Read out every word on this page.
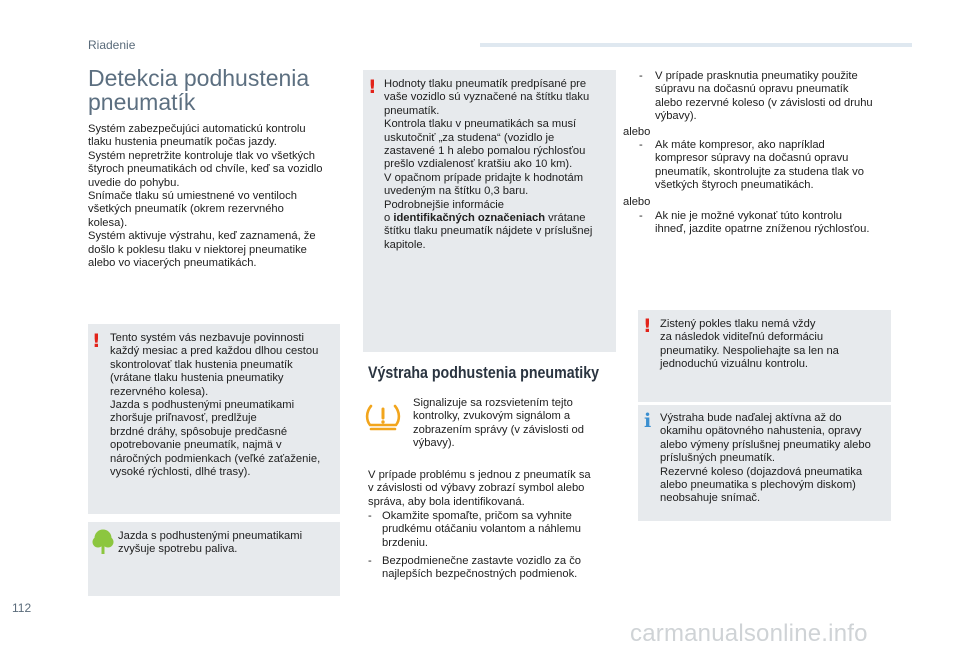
Riadenie
Detekcia podhustenia
pneumatík
Systém zabezpečujúci automatickú kontrolu
tlaku hustenia pneumatík počas jazdy.
Systém nepretržite kontroluje tlak vo všetkých
štyroch pneumatikách od chvíle, keď sa vozidlo
uvedie do pohybu.
Snímače tlaku sú umiestnené vo ventiloch
všetkých pneumatík (okrem rezervného
kolesa).
Systém aktivuje výstrahu, keď zaznamená, že
došlo k poklesu tlaku v niektorej pneumatike
alebo vo viacerých pneumatikách.
! Tento systém vás nezbavuje povinnosti
každý mesiac a pred každou dlhou cestou
skontrolovať tlak hustenia pneumatík
(vrátane tlaku hustenia pneumatiky
rezervného kolesa).
Jazda s podhustenými pneumatikami
zhoršuje priľnavosť, predlžuje
brzdné dráhy, spôsobuje predčasné
opotrebovanie pneumatík, najmä v
náročných podmienkach (veľké zaťaženie,
vysoké rýchlosti, dlhé trasy).
Jazda s podhustenými pneumatikami
zvyšuje spotrebu paliva.
! Hodnoty tlaku pneumatík predpísané pre
vaše vozidlo sú vyznačené na štítku tlaku
pneumatík.
Kontrola tlaku v pneumatikách sa musí
uskutočniť „za studena“ (vozidlo je
zastavené 1 h alebo pomalou rýchlosťou
prešlo vzdialenosť kratšiu ako 10 km).
V opačnom prípade pridajte k hodnotám
uvedeným na štítku 0,3 baru.
Podrobnejšie informácie
o identifikačných označeniach vrátane
štítku tlaku pneumatík nájdete v príslušnej
kapitole.
Výstraha podhustenia pneumatiky
Signalizuje sa rozsvietením tejto
kontrolky, zvukovým signálom a
zobrazením správy (v závislosti od
výbavy).
V prípade problému s jednou z pneumatík sa
v závislosti od výbavy zobrazí symbol alebo
správa, aby bola identifikovaná.
- Okamžite spomaľte, pričom sa vyhnite
prudkému otáčaniu volantom a náhlemu
brzdeniu.
- Bezpodmienečne zastavte vozidlo za čo
najlepších bezpečnostných podmienok.
- V prípade prasknutia pneumatiky použite
súpravu na dočasnú opravu pneumatík
alebo rezervné koleso (v závislosti od druhu
výbavy).
alebo
- Ak máte kompresor, ako napríklad
kompresor súpravy na dočasnú opravu
pneumatík, skontrolujte za studena tlak vo
všetkých štyroch pneumatikách.
alebo
- Ak nie je možné vykonať túto kontrolu
ihneď, jazdite opatrne zníženou rýchlosťou.
! Zistený pokles tlaku nemá vždy
za následok viditeľnú deformáciu
pneumatiky. Nespoliehajte sa len na
jednoduchú vizuálnu kontrolu.
i Výstraha bude naďalej aktívna až do
okamihu opätovného nahustenia, opravy
alebo výmeny príslušnej pneumatiky alebo
príslušných pneumatík.
Rezervné koleso (dojazdová pneumatika
alebo pneumatika s plechovým diskom)
neobsahuje snímač.
112
carmanualsonline.info
